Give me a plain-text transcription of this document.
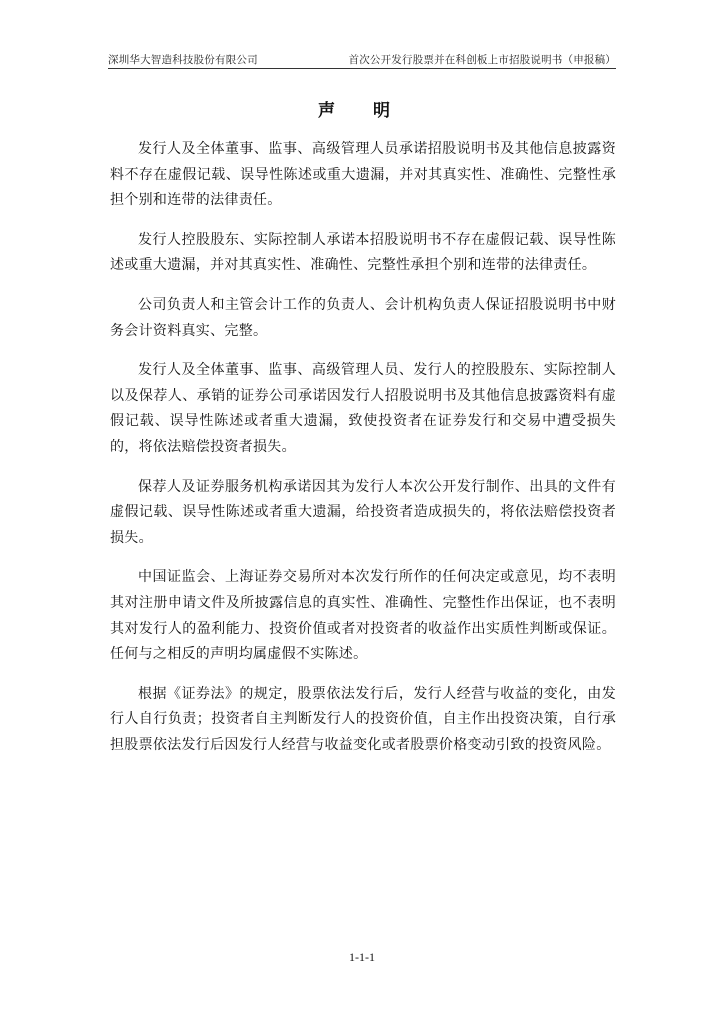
深圳华大智造科技股份有限公司	首次公开发行股票并在科创板上市招股说明书（申报稿）
声 明

发行人及全体董事、监事、高级管理人员承诺招股说明书及其他信息披露资料不存在虚假记载、误导性陈述或重大遗漏，并对其真实性、准确性、完整性承担个别和连带的法律责任。

发行人控股股东、实际控制人承诺本招股说明书不存在虚假记载、误导性陈述或重大遗漏，并对其真实性、准确性、完整性承担个别和连带的法律责任。

公司负责人和主管会计工作的负责人、会计机构负责人保证招股说明书中财务会计资料真实、完整。

发行人及全体董事、监事、高级管理人员、发行人的控股股东、实际控制人以及保荐人、承销的证券公司承诺因发行人招股说明书及其他信息披露资料有虚假记载、误导性陈述或者重大遗漏，致使投资者在证券发行和交易中遭受损失的，将依法赔偿投资者损失。

保荐人及证券服务机构承诺因其为发行人本次公开发行制作、出具的文件有虚假记载、误导性陈述或者重大遗漏，给投资者造成损失的，将依法赔偿投资者损失。

中国证监会、上海证券交易所对本次发行所作的任何决定或意见，均不表明其对注册申请文件及所披露信息的真实性、准确性、完整性作出保证，也不表明其对发行人的盈利能力、投资价值或者对投资者的收益作出实质性判断或保证。任何与之相反的声明均属虚假不实陈述。

根据《证券法》的规定，股票依法发行后，发行人经营与收益的变化，由发行人自行负责；投资者自主判断发行人的投资价值，自主作出投资决策，自行承担股票依法发行后因发行人经营与收益变化或者股票价格变动引致的投资风险。

1-1-1
